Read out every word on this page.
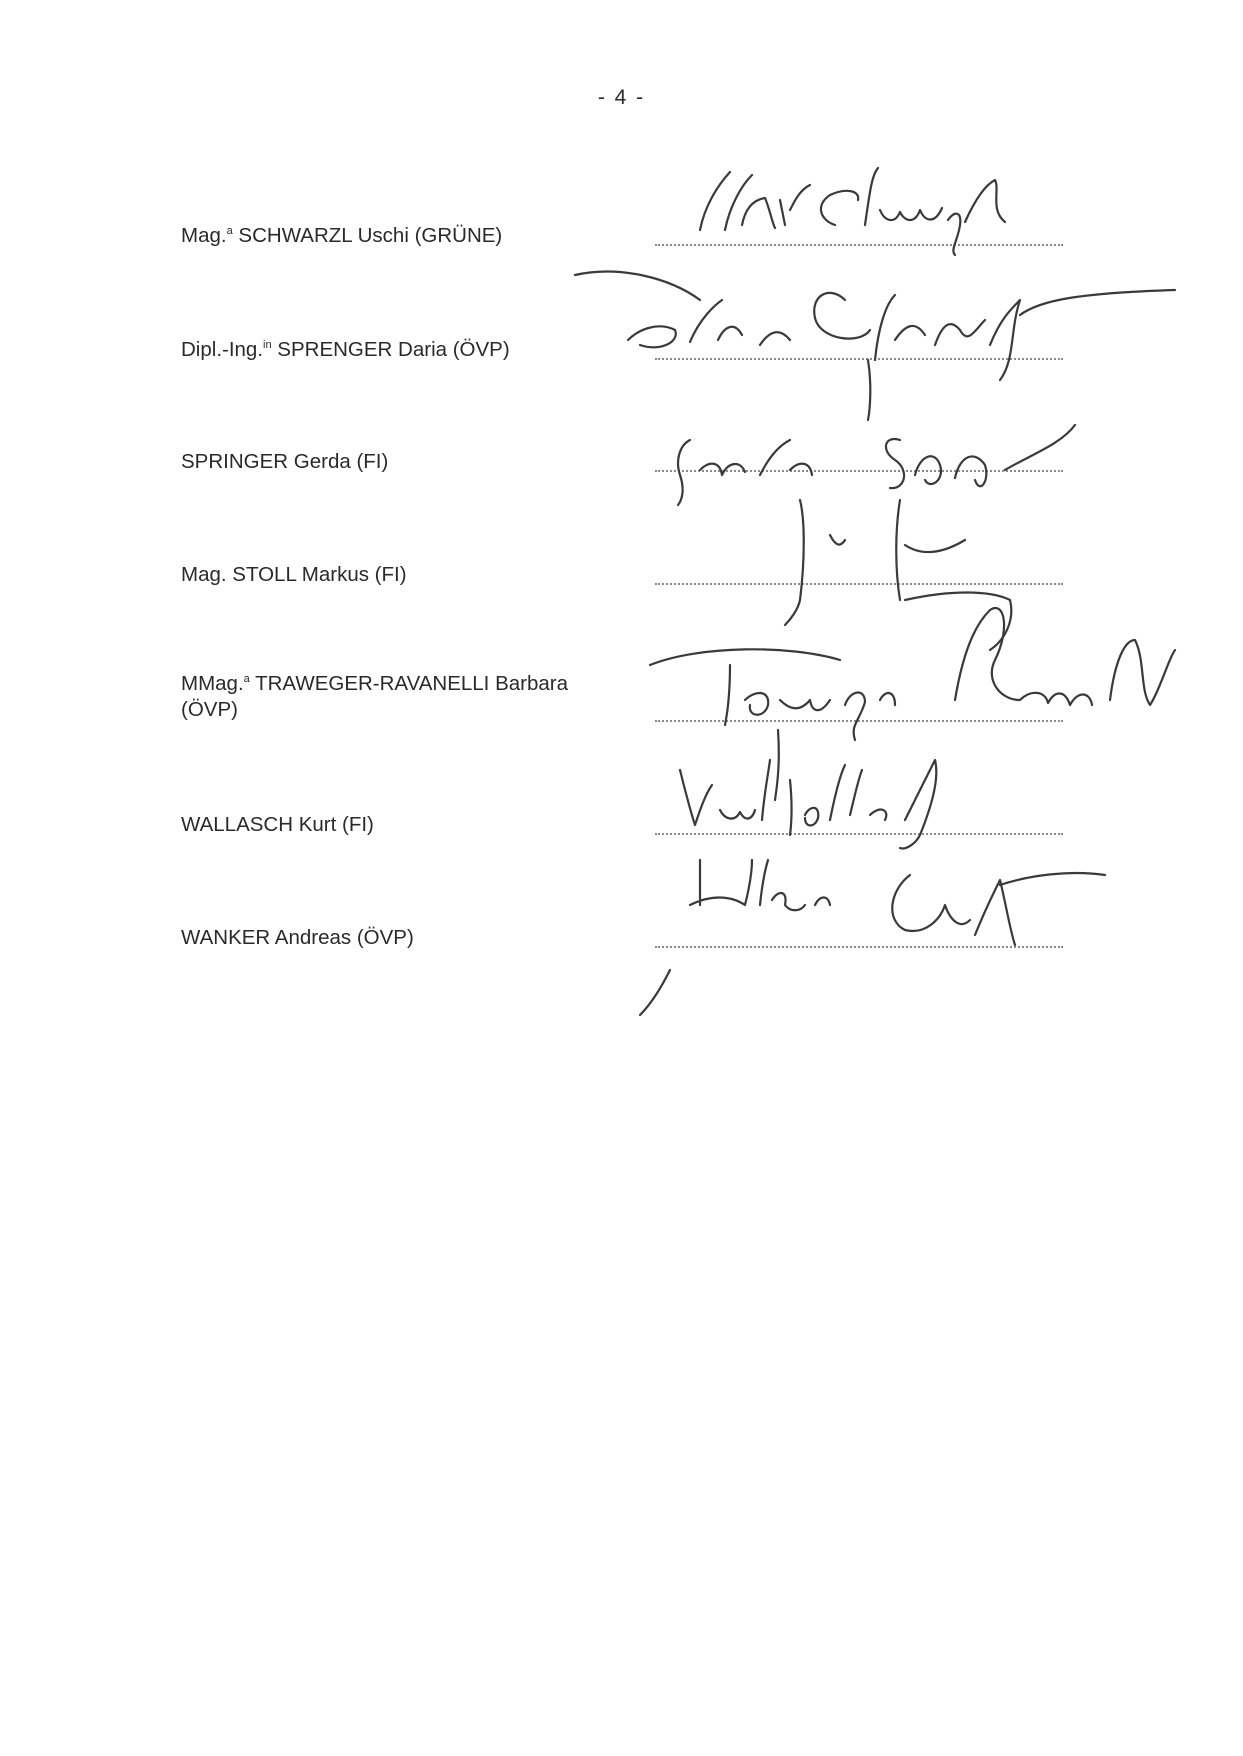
- 4 -
Mag.$^a$ SCHWARZL Uschi (GRÜNE)
Dipl.-Ing.$^{in}$ SPRENGER Daria (ÖVP)
SPRINGER Gerda (FI)
Mag. STOLL Markus (FI)
MMag.$^a$ TRAWEGER-RAVANELLI Barbara
(ÖVP)
WALLASCH Kurt (FI)
WANKER Andreas (ÖVP)
